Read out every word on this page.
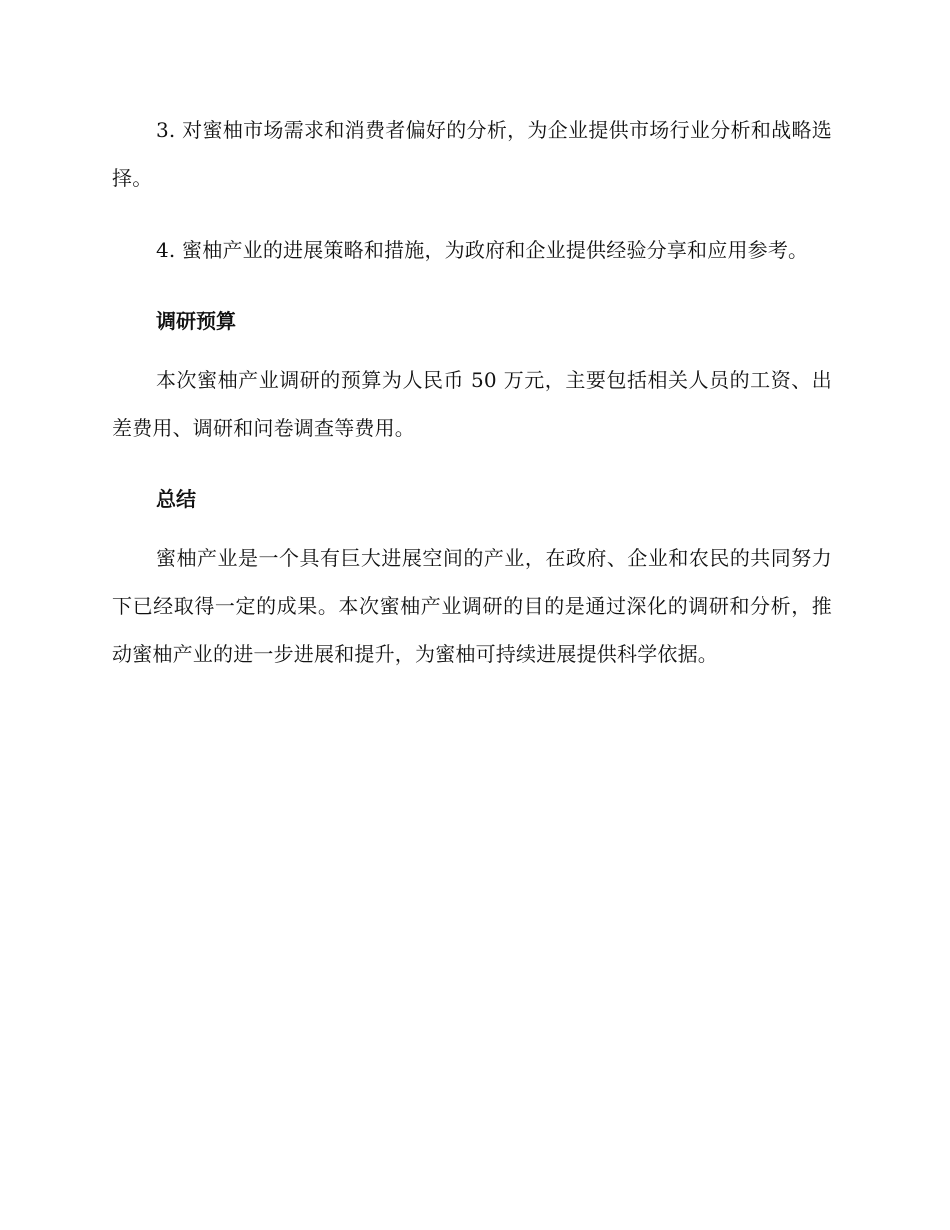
3. 对蜜柚市场需求和消费者偏好的分析，为企业提供市场行业分析和战略选择。

4. 蜜柚产业的进展策略和措施，为政府和企业提供经验分享和应用参考。

调研预算

本次蜜柚产业调研的预算为人民币 50 万元，主要包括相关人员的工资、出差费用、调研和问卷调查等费用。

总结

蜜柚产业是一个具有巨大进展空间的产业，在政府、企业和农民的共同努力下已经取得一定的成果。本次蜜柚产业调研的目的是通过深化的调研和分析，推动蜜柚产业的进一步进展和提升，为蜜柚可持续进展提供科学依据。
